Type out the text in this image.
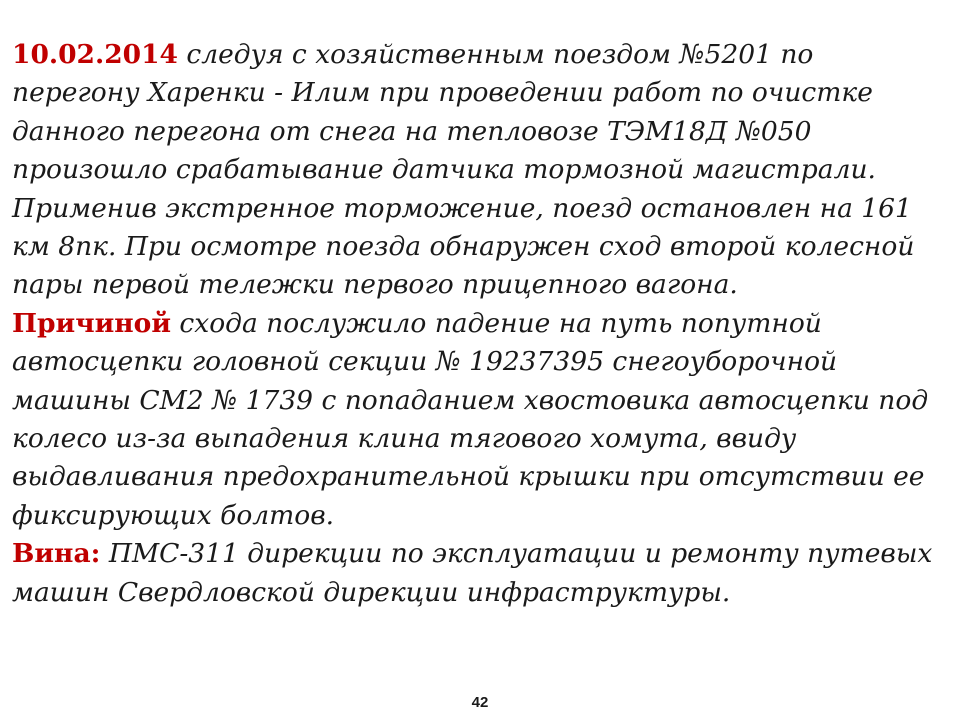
10.02.2014 следуя с хозяйственным поездом №5201 по перегону Харенки - Илим при проведении работ по очистке данного перегона от снега на тепловозе ТЭМ18Д №050 произошло срабатывание датчика тормозной магистрали. Применив экстренное торможение, поезд остановлен на 161 км 8пк. При осмотре поезда обнаружен сход второй колесной пары первой тележки первого прицепного вагона.

Причиной схода послужило падение на путь попутной автосцепки головной секции № 19237395 снегоуборочной машины СМ2 № 1739 с попаданием хвостовика автосцепки под колесо из-за выпадения клина тягового хомута, ввиду выдавливания предохранительной крышки при отсутствии ее фиксирующих болтов.

Вина: ПМС-311 дирекции по эксплуатации и ремонту путевых машин Свердловской дирекции инфраструктуры.

42
